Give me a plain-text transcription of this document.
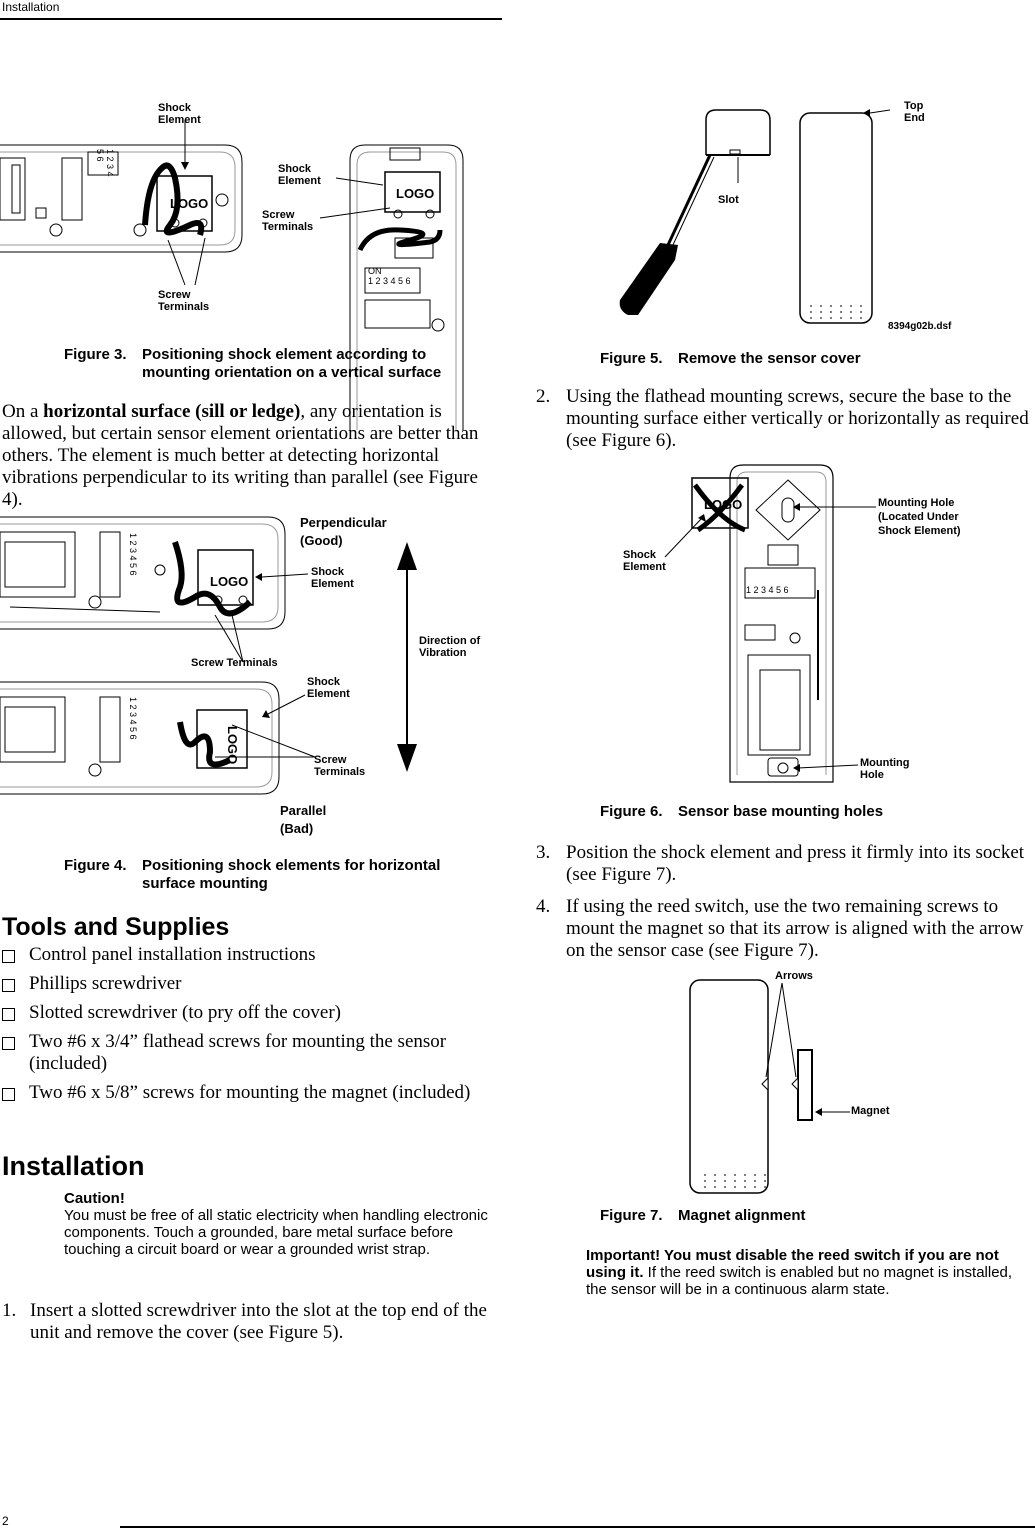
Installation
2
1 2 3 4 5 6
ON
1 2 3 4 5 6
LOGO
LOGO
Shock Element
Shock Element
Screw Terminals
Screw Terminals
Figure 3.	Positioning shock element according to mounting orientation on a vertical surface
On a horizontal surface (sill or ledge), any orientation is allowed, but certain sensor element orientations are better than others. The element is much better at detecting horizontal vibrations perpendicular to its writing than parallel (see Figure 4).
1 2 3 4 5 6
1 2 3 4 5 6
LOGO
LOGO
Perpendicular (Good)
Shock Element
Screw Terminals
Direction of Vibration
Shock Element
Screw Terminals
Parallel
(Bad)
Figure 4.	Positioning shock elements for horizontal surface mounting
Tools and Supplies
Control panel installation instructions
Phillips screwdriver
Slotted screwdriver (to pry off the cover)
Two #6 x 3/4” flathead screws for mounting the sensor (included)
Two #6 x 5/8” screws for mounting the magnet (included)
Installation
Caution!
You must be free of all static electricity when handling electronic components. Touch a grounded, bare metal surface before touching a circuit board or wear a grounded wrist strap.
1. Insert a slotted screwdriver into the slot at the top end of the unit and remove the cover (see Figure 5).
Top End
Slot
8394g02b.dsf
Figure 5.	Remove the sensor cover
2. Using the flathead mounting screws, secure the base to the mounting surface either vertically or horizontally as required (see Figure 6).
1 2 3 4 5 6
LOGO
Shock Element
Mounting Hole (Located Under Shock Element)
Mounting Hole
Figure 6.	Sensor base mounting holes
3. Position the shock element and press it firmly into its socket (see Figure 7).
4. If using the reed switch, use the two remaining screws to mount the magnet so that its arrow is aligned with the arrow on the sensor case (see Figure 7).
Arrows
Magnet
Figure 7.	Magnet alignment
Important! You must disable the reed switch if you are not using it. If the reed switch is enabled but no magnet is installed, the sensor will be in a continuous alarm state.
